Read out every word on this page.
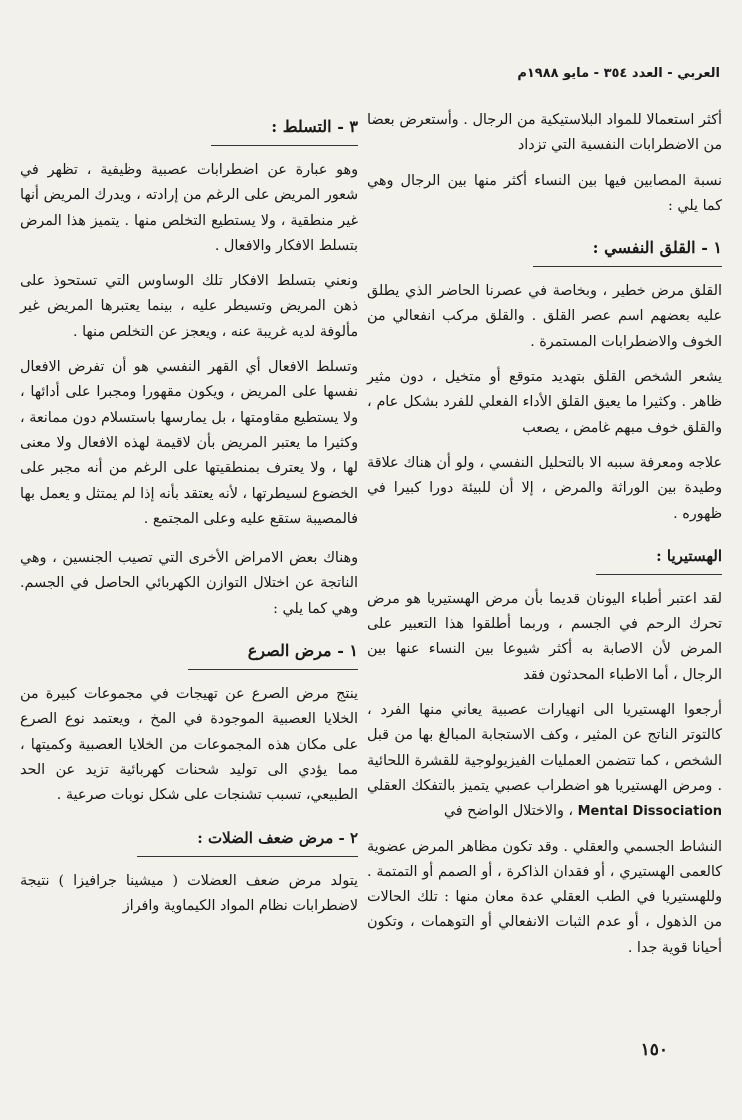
العربي - العدد ٣٥٤ - مايو ١٩٨٨م

أكثر استعمالا للمواد البلاستيكية من الرجال . وأستعرض بعضا من الاضطرابات النفسية التي تزداد

نسبة المصابين فيها بين النساء أكثر منها بين الرجال وهي كما يلي :

١ - القلق النفسي :

القلق مرض خطير ، وبخاصة في عصرنا الحاضر الذي يطلق عليه بعضهم اسم عصر القلق . والقلق مركب انفعالي من الخوف والاضطرابات المستمرة .

يشعر الشخص القلق بتهديد متوقع أو متخيل ، دون مثير ظاهر . وكثيرا ما يعيق القلق الأداء الفعلي للفرد بشكل عام ، والقلق خوف مبهم غامض ، يصعب

علاجه ومعرفة سببه الا بالتحليل النفسي ، ولو أن هناك علاقة وطيدة بين الوراثة والمرض ، إلا أن للبيئة دورا كبيرا في ظهوره .

الهستيريا :

لقد اعتبر أطباء اليونان قديما بأن مرض الهستيريا هو مرض تحرك الرحم في الجسم ، وربما أطلقوا هذا التعبير على المرض لأن الاصابة به أكثر شيوعا بين النساء عنها بين الرجال ، أما الاطباء المحدثون فقد

أرجعوا الهستيريا الى انهيارات عصبية يعاني منها الفرد ، كالتوتر الناتج عن المثير ، وكف الاستجابة المبالغ بها من قبل الشخص ، كما تتضمن العمليات الفيزيولوجية للقشرة اللحائية . ومرض الهستيريا هو اضطراب عصبي يتميز بالتفكك العقلي Mental Dissociation ، والاختلال الواضح في

النشاط الجسمي والعقلي . وقد تكون مظاهر المرض عضوية كالعمى الهستيري ، أو فقدان الذاكرة ، أو الصمم أو التمتمة . وللهستيريا في الطب العقلي عدة معان منها : تلك الحالات من الذهول ، أو عدم الثبات الانفعالي أو التوهمات ، وتكون أحيانا قوية جدا .

٣ - التسلط :

وهو عبارة عن اضطرابات عصبية وظيفية ، تظهر في شعور المريض على الرغم من إرادته ، ويدرك المريض أنها غير منطقية ، ولا يستطيع التخلص منها . يتميز هذا المرض بتسلط الافكار والافعال .

ونعني بتسلط الافكار تلك الوساوس التي تستحوذ على ذهن المريض وتسيطر عليه ، بينما يعتبرها المريض غير مألوفة لديه غريبة عنه ، ويعجز عن التخلص منها .

وتسلط الافعال أي القهر النفسي هو أن تفرض الافعال نفسها على المريض ، ويكون مقهورا ومجبرا على أدائها ، ولا يستطيع مقاومتها ، بل يمارسها باستسلام دون ممانعة ، وكثيرا ما يعتبر المريض بأن لاقيمة لهذه الافعال ولا معنى لها ، ولا يعترف بمنطقيتها على الرغم من أنه مجبر على الخضوع لسيطرتها ، لأنه يعتقد بأنه إذا لم يمتثل و يعمل بها فالمصيبة ستقع عليه وعلى المجتمع .

وهناك بعض الامراض الأخرى التي تصيب الجنسين ، وهي الناتجة عن اختلال التوازن الكهربائي الحاصل في الجسم. وهي كما يلي :

١ - مرض الصرع

ينتج مرض الصرع عن تهيجات في مجموعات كبيرة من الخلايا العصبية الموجودة في المخ ، ويعتمد نوع الصرع على مكان هذه المجموعات من الخلايا العصبية وكميتها ، مما يؤدي الى توليد شحنات كهربائية تزيد عن الحد الطبيعي، تسبب تشنجات على شكل نوبات صرعية .

٢ - مرض ضعف الضلات :

يتولد مرض ضعف العضلات ( ميشينا جرافيزا ) نتيجة لاضطرابات نظام المواد الكيماوية وافراز

١٥٠
